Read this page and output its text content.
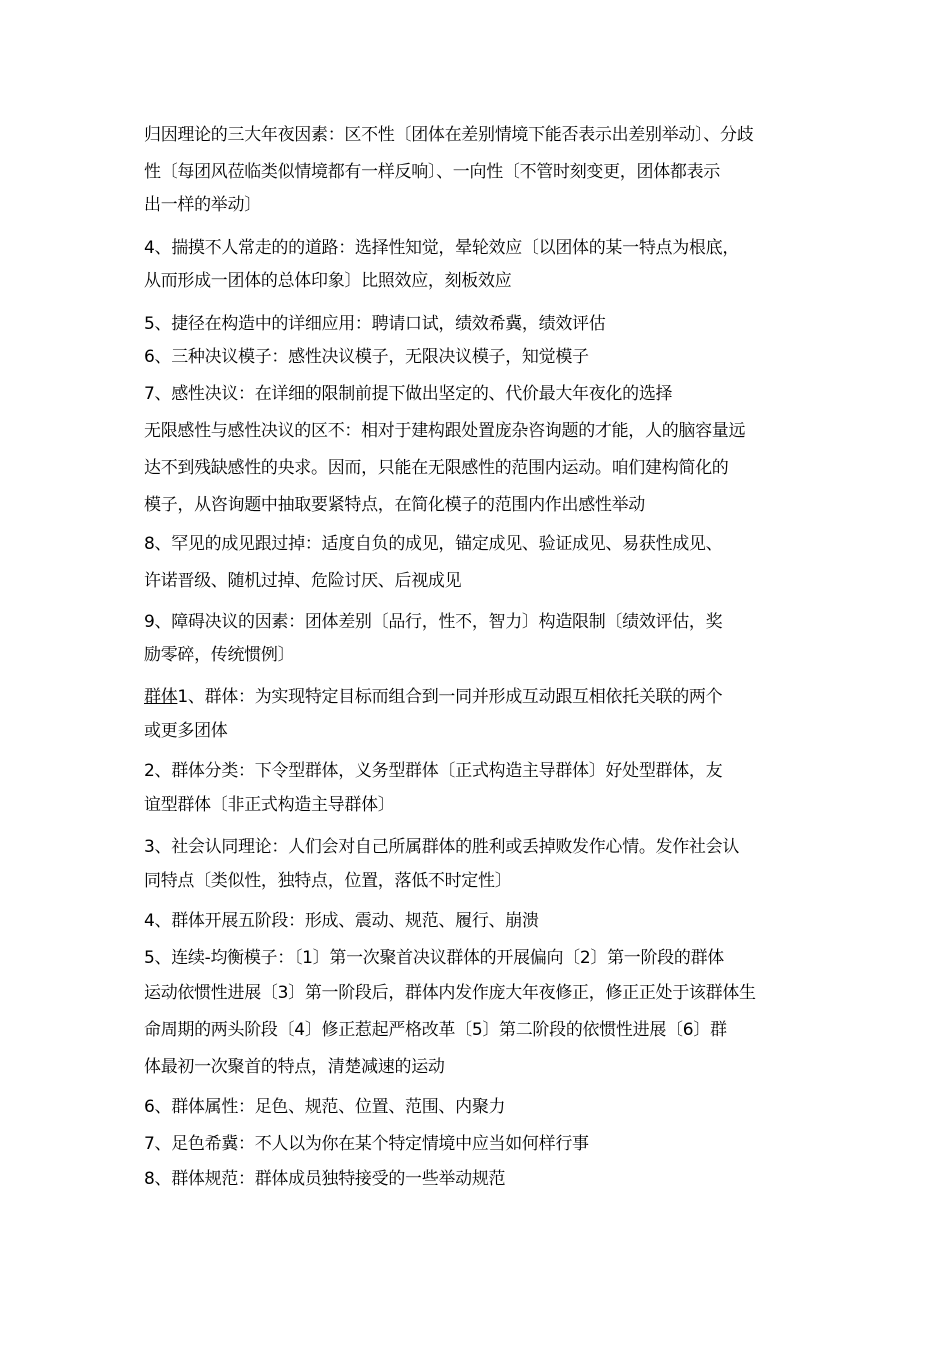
归因理论的三大年夜因素：区不性〔团体在差别情境下能否表示出差别举动〕、分歧

性〔每团风莅临类似情境都有一样反响〕、一向性〔不管时刻变更，团体都表示

出一样的举动〕

4、揣摸不人常走的的道路：选择性知觉，晕轮效应〔以团体的某一特点为根底，

从而形成一团体的总体印象〕比照效应，刻板效应

5、捷径在构造中的详细应用：聘请口试，绩效希冀，绩效评估

6、三种决议模子：感性决议模子，无限决议模子，知觉模子

7、感性决议：在详细的限制前提下做出坚定的、代价最大年夜化的选择

无限感性与感性决议的区不：相对于建构跟处置庞杂咨询题的才能，人的脑容量远

达不到残缺感性的央求。因而，只能在无限感性的范围内运动。咱们建构简化的

模子，从咨询题中抽取要紧特点，在简化模子的范围内作出感性举动

8、罕见的成见跟过掉：适度自负的成见，锚定成见、验证成见、易获性成见、

许诺晋级、随机过掉、危险讨厌、后视成见

9、障碍决议的因素：团体差别〔品行，性不，智力〕构造限制〔绩效评估，奖

励零碎，传统惯例〕

群体1、群体：为实现特定目标而组合到一同并形成互动跟互相依托关联的两个

或更多团体

2、群体分类：下令型群体，义务型群体〔正式构造主导群体〕好处型群体，友

谊型群体〔非正式构造主导群体〕

3、社会认同理论：人们会对自己所属群体的胜利或丢掉败发作心情。发作社会认

同特点〔类似性，独特点，位置，落低不时定性〕

4、群体开展五阶段：形成、震动、规范、履行、崩溃

5、连续-均衡模子：〔1〕第一次聚首决议群体的开展偏向〔2〕第一阶段的群体

运动依惯性进展〔3〕第一阶段后，群体内发作庞大年夜修正，修正正处于该群体生

命周期的两头阶段〔4〕修正惹起严格改革〔5〕第二阶段的依惯性进展〔6〕群

体最初一次聚首的特点，清楚减速的运动

6、群体属性：足色、规范、位置、范围、内聚力

7、足色希冀：不人以为你在某个特定情境中应当如何样行事

8、群体规范：群体成员独特接受的一些举动规范
